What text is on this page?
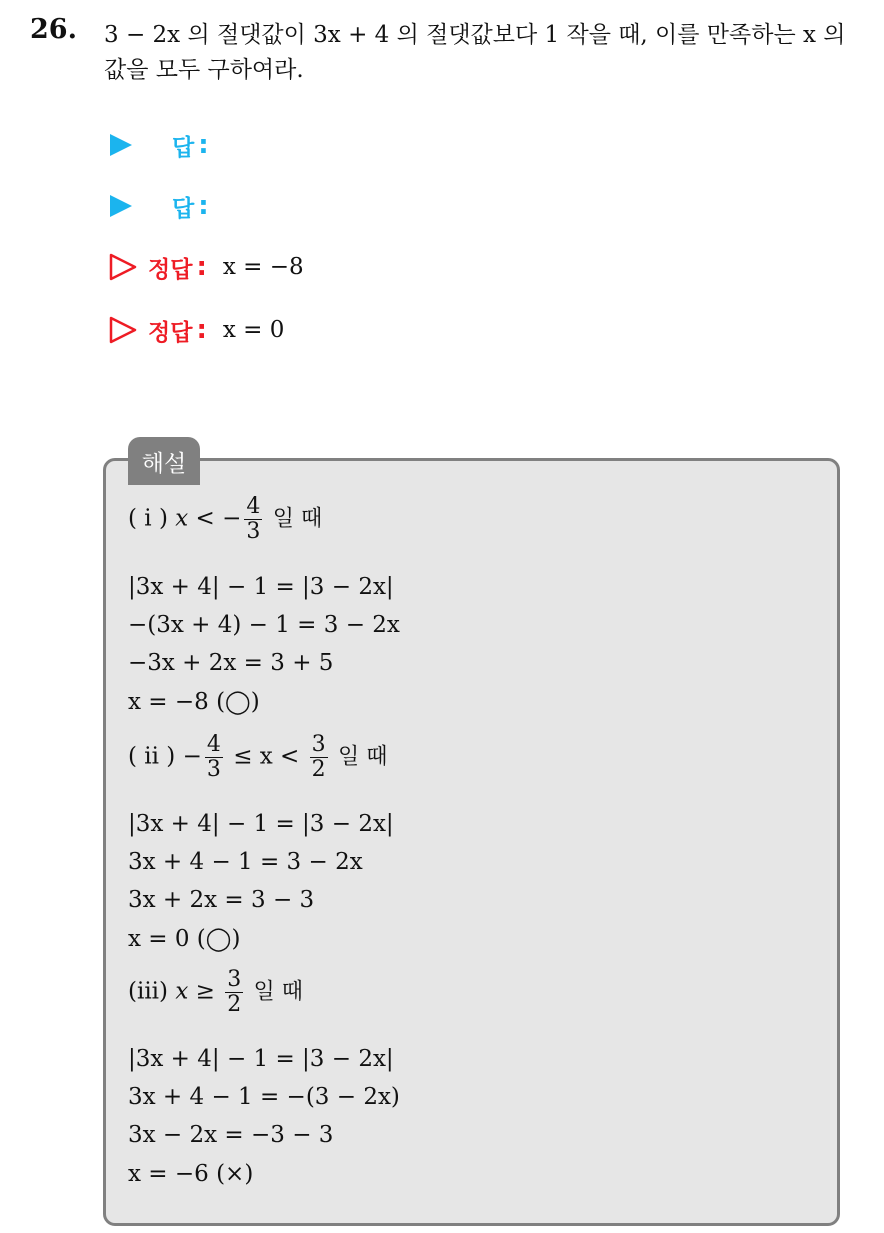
26. 3 − 2x 의 절댓값이 3x + 4 의 절댓값보다 1 작을 때, 이를 만족하는 x 의 값을 모두 구하여라.
답 :
답 :
정답 : x = −8
정답 : x = 0
해설
( i ) x < − $\frac{4}{3}$ 일 때
|3x + 4| − 1 = |3 − 2x|
−(3x + 4) − 1 = 3 − 2x
−3x + 2x = 3 + 5
x = −8 (◯)
( ii ) − $\frac{4}{3} \le x < \frac{3}{2}$ 일 때
|3x + 4| − 1 = |3 − 2x|
3x + 4 − 1 = 3 − 2x
3x + 2x = 3 − 3
x = 0 (◯)
(iii) $x \ge \frac{3}{2}$ 일 때
|3x + 4| − 1 = |3 − 2x|
3x + 4 − 1 = −(3 − 2x)
3x − 2x = −3 − 3
x = −6 (×)
